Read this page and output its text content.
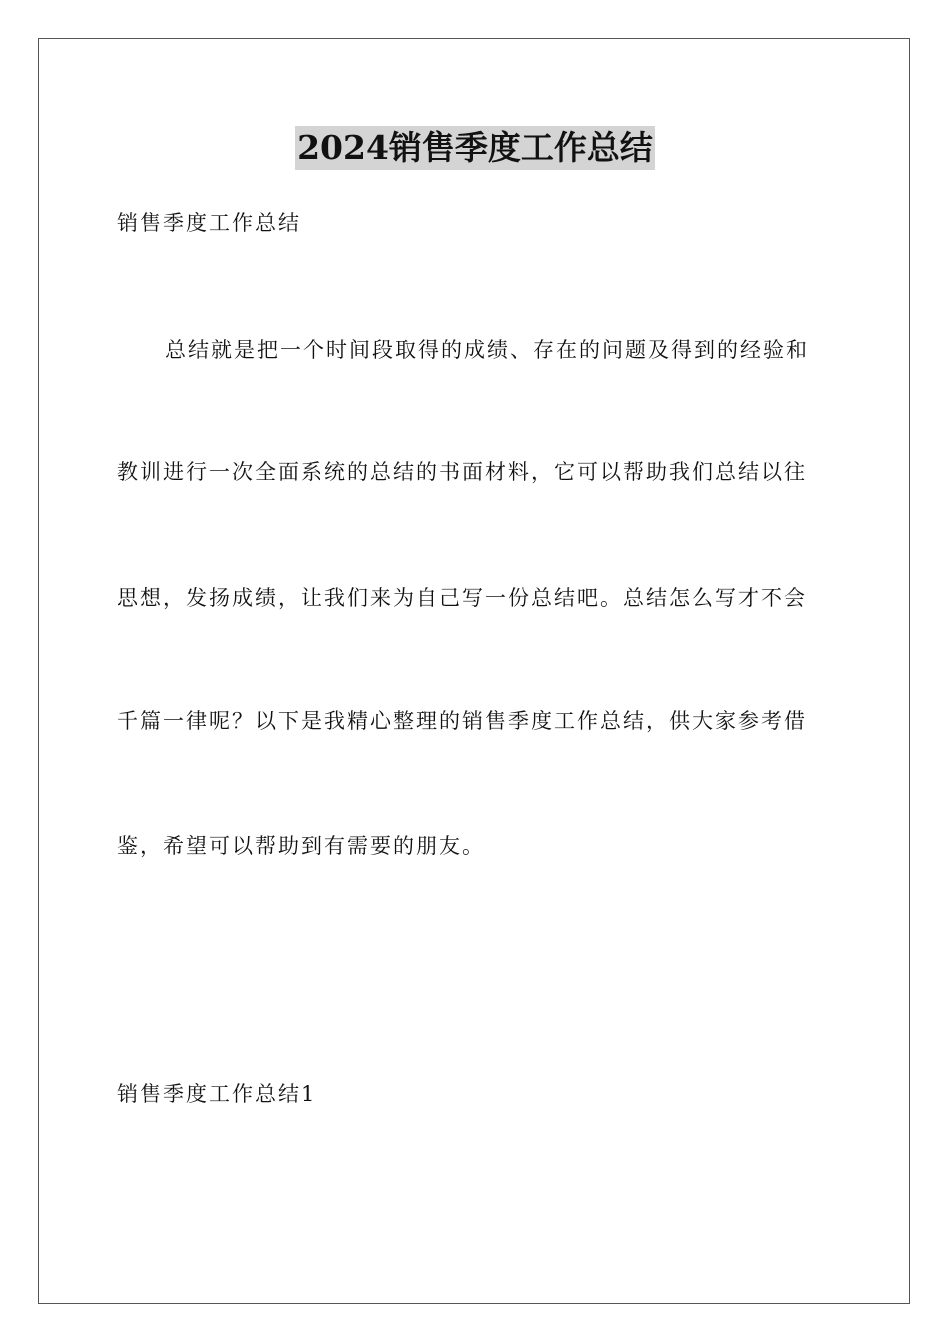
2024销售季度工作总结
销售季度工作总结
总结就是把一个时间段取得的成绩、存在的问题及得到的经验和
教训进行一次全面系统的总结的书面材料，它可以帮助我们总结以往
思想，发扬成绩，让我们来为自己写一份总结吧。总结怎么写才不会
千篇一律呢？以下是我精心整理的销售季度工作总结，供大家参考借
鉴，希望可以帮助到有需要的朋友。
销售季度工作总结1
